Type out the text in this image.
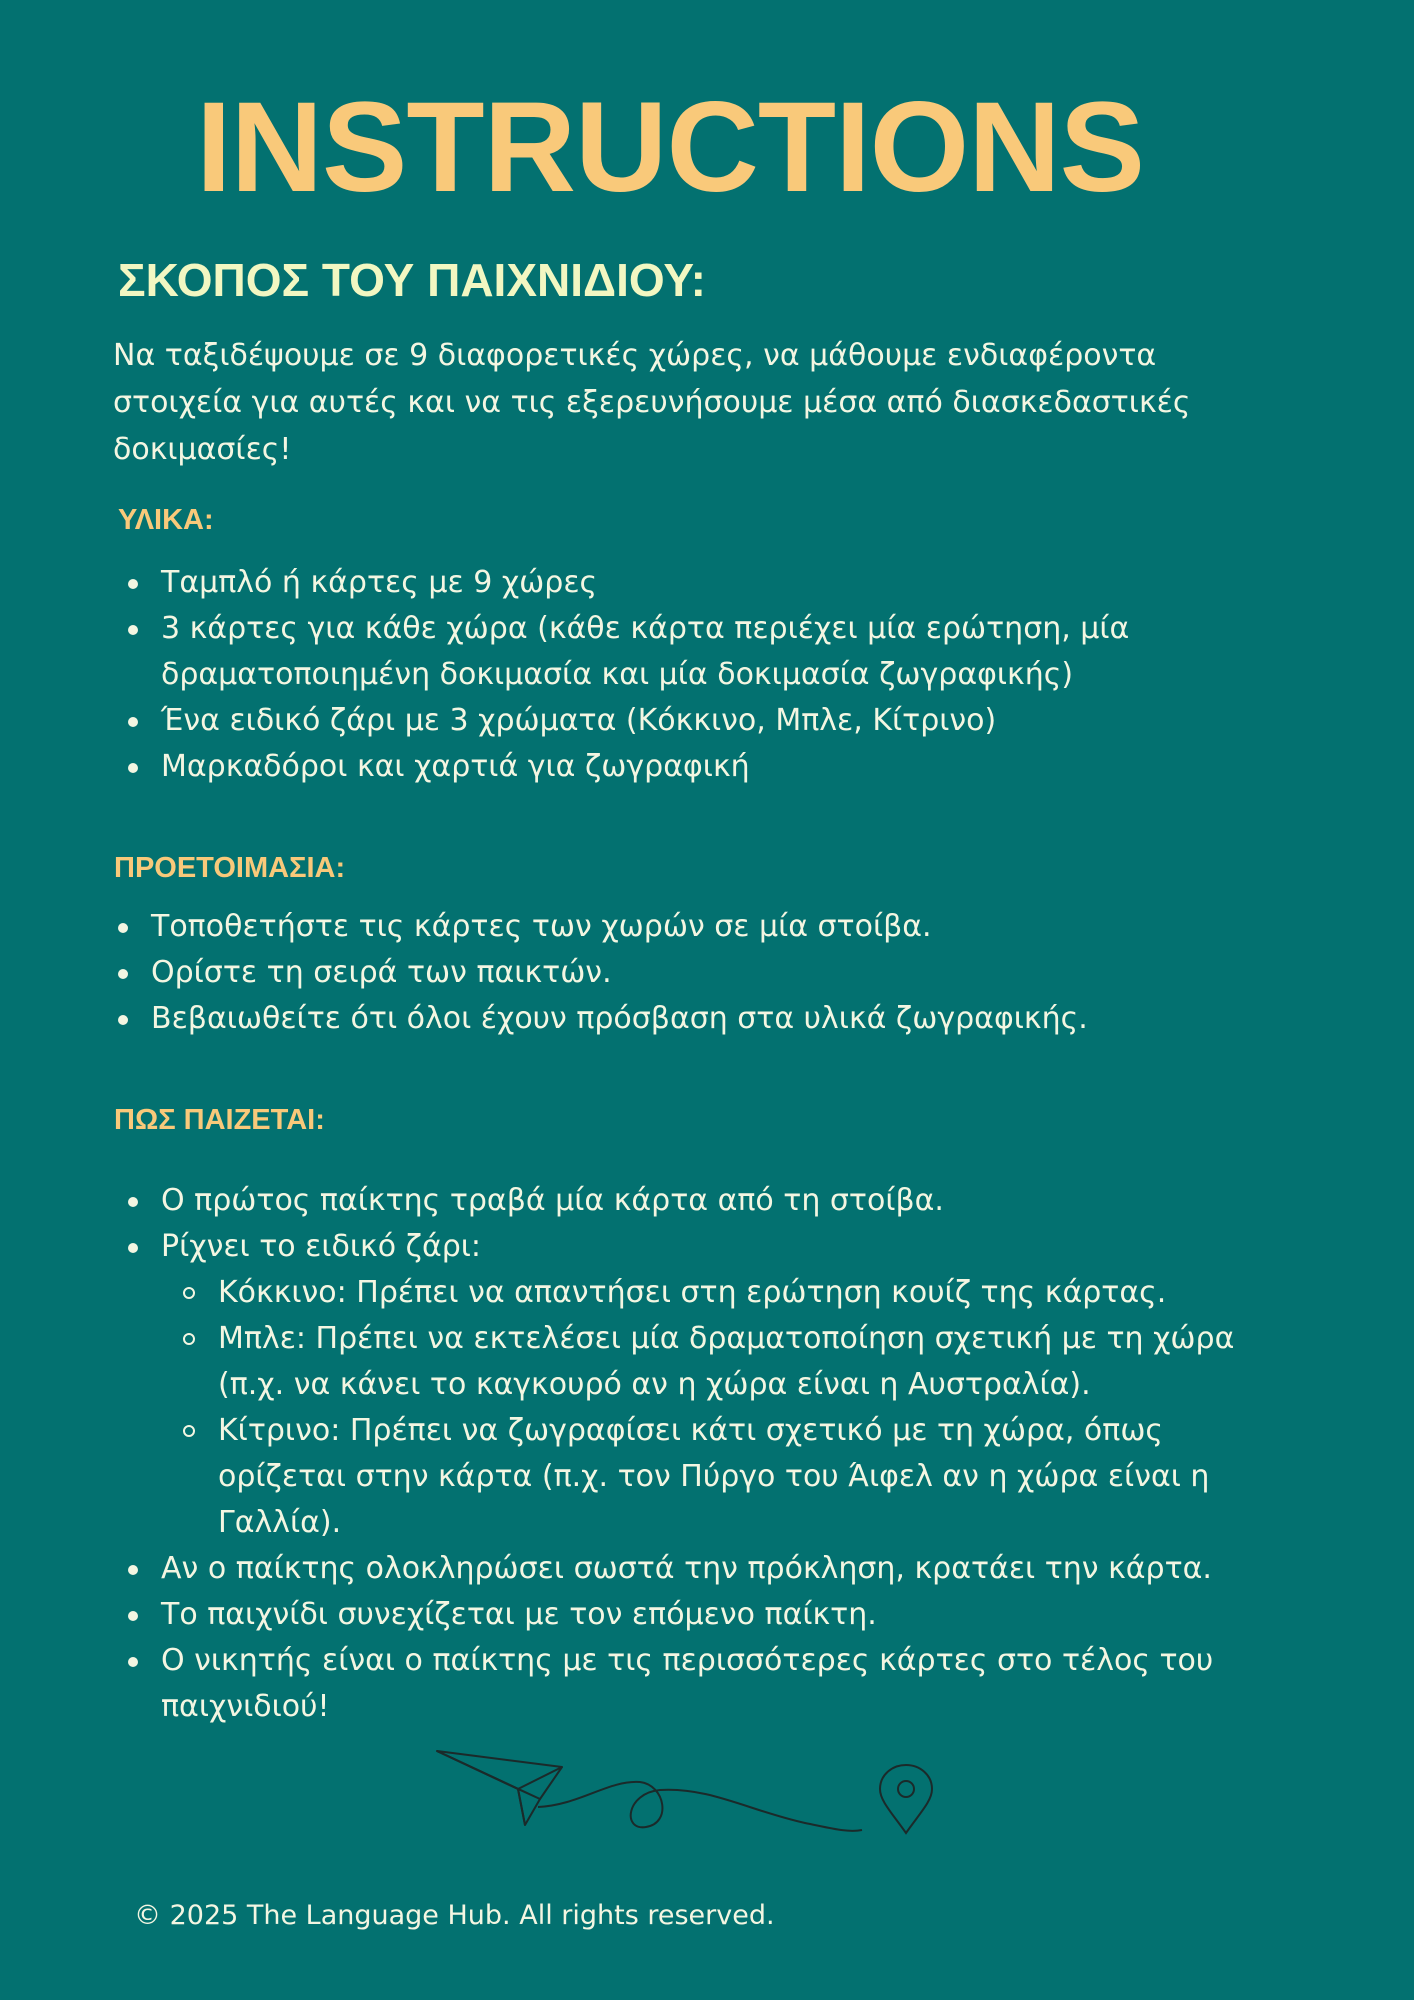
INSTRUCTIONS
ΣΚΟΠΟΣ ΤΟΥ ΠΑΙΧΝΙΔΙΟΥ:
Να ταξιδέψουμε σε 9 διαφορετικές χώρες, να μάθουμε ενδιαφέροντα στοιχεία για αυτές και να τις εξερευνήσουμε μέσα από διασκεδαστικές δοκιμασίες!
ΥΛΙΚΑ:
Ταμπλό ή κάρτες με 9 χώρες
3 κάρτες για κάθε χώρα (κάθε κάρτα περιέχει μία ερώτηση, μία δραματοποιημένη δοκιμασία και μία δοκιμασία ζωγραφικής)
Ένα ειδικό ζάρι με 3 χρώματα (Κόκκινο, Μπλε, Κίτρινο)
Μαρκαδόροι και χαρτιά για ζωγραφική
ΠΡΟΕΤΟΙΜΑΣΙΑ:
Τοποθετήστε τις κάρτες των χωρών σε μία στοίβα.
Ορίστε τη σειρά των παικτών.
Βεβαιωθείτε ότι όλοι έχουν πρόσβαση στα υλικά ζωγραφικής.
ΠΩΣ ΠΑΙΖΕΤΑΙ:
Ο πρώτος παίκτης τραβά μία κάρτα από τη στοίβα.
Ρίχνει το ειδικό ζάρι:
Κόκκινο: Πρέπει να απαντήσει στη ερώτηση κουίζ της κάρτας.
Μπλε: Πρέπει να εκτελέσει μία δραματοποίηση σχετική με τη χώρα (π.χ. να κάνει το καγκουρό αν η χώρα είναι η Αυστραλία).
Κίτρινο: Πρέπει να ζωγραφίσει κάτι σχετικό με τη χώρα, όπως ορίζεται στην κάρτα (π.χ. τον Πύργο του Άιφελ αν η χώρα είναι η Γαλλία).
Αν ο παίκτης ολοκληρώσει σωστά την πρόκληση, κρατάει την κάρτα.
Το παιχνίδι συνεχίζεται με τον επόμενο παίκτη.
Ο νικητής είναι ο παίκτης με τις περισσότερες κάρτες στο τέλος του παιχνιδιού!
© 2025 The Language Hub. All rights reserved.
